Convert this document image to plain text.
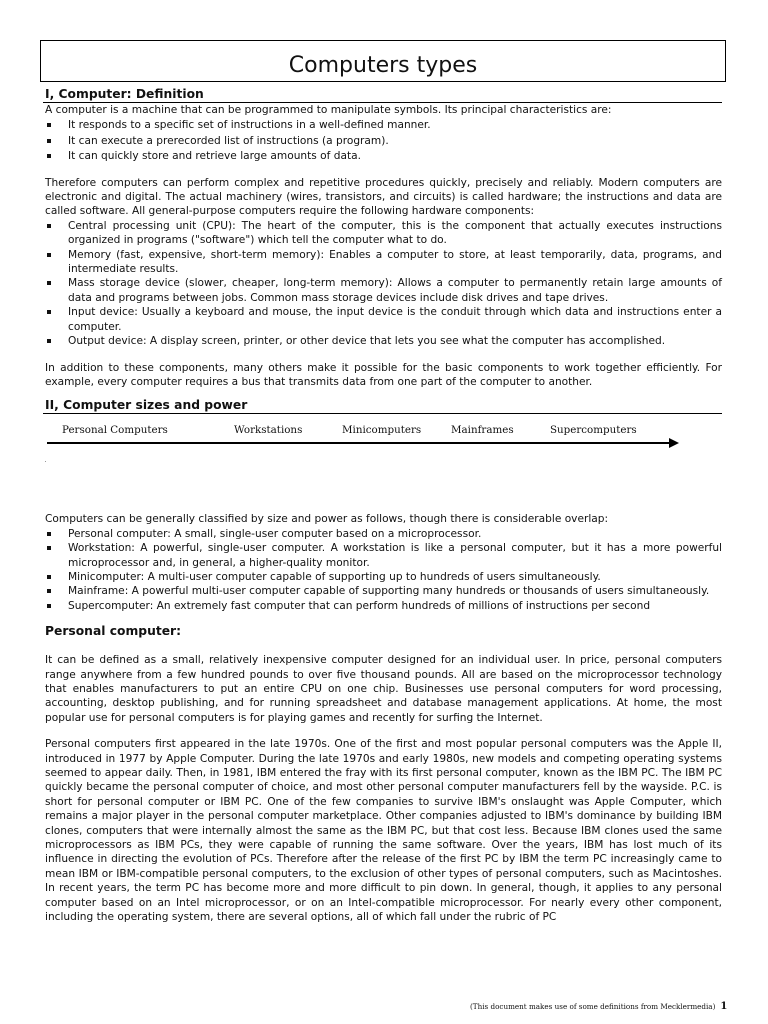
Computers types
I, Computer: Definition

A computer is a machine that can be programmed to manipulate symbols. Its principal characteristics are:

It responds to a specific set of instructions in a well-defined manner.
It can execute a prerecorded list of instructions (a program).
It can quickly store and retrieve large amounts of data.

Therefore computers can perform complex and repetitive procedures quickly, precisely and reliably. Modern computers are electronic and digital. The actual machinery (wires, transistors, and circuits) is called hardware; the instructions and data are called software. All general-purpose computers require the following hardware components:

Central processing unit (CPU): The heart of the computer, this is the component that actually executes instructions organized in programs ("software") which tell the computer what to do.
Memory (fast, expensive, short-term memory): Enables a computer to store, at least temporarily, data, programs, and intermediate results.
Mass storage device (slower, cheaper, long-term memory): Allows a computer to permanently retain large amounts of data and programs between jobs. Common mass storage devices include disk drives and tape drives.
Input device: Usually a keyboard and mouse, the input device is the conduit through which data and instructions enter a computer.
Output device: A display screen, printer, or other device that lets you see what the computer has accomplished.

In addition to these components, many others make it possible for the basic components to work together efficiently. For example, every computer requires a bus that transmits data from one part of the computer to another.

II, Computer sizes and power
Personal Computers	Workstations	Minicomputers	Mainframes	Supercomputers

Computers can be generally classified by size and power as follows, though there is considerable overlap:

Personal computer: A small, single-user computer based on a microprocessor.
Workstation: A powerful, single-user computer. A workstation is like a personal computer, but it has a more powerful microprocessor and, in general, a higher-quality monitor.
Minicomputer: A multi-user computer capable of supporting up to hundreds of users simultaneously.
Mainframe: A powerful multi-user computer capable of supporting many hundreds or thousands of users simultaneously.
Supercomputer: An extremely fast computer that can perform hundreds of millions of instructions per second
Personal computer:

It can be defined as a small, relatively inexpensive computer designed for an individual user. In price, personal computers range anywhere from a few hundred pounds to over five thousand pounds. All are based on the microprocessor technology that enables manufacturers to put an entire CPU on one chip. Businesses use personal computers for word processing, accounting, desktop publishing, and for running spreadsheet and database management applications. At home, the most popular use for personal computers is for playing games and recently for surfing the Internet.

Personal computers first appeared in the late 1970s. One of the first and most popular personal computers was the Apple II, introduced in 1977 by Apple Computer. During the late 1970s and early 1980s, new models and competing operating systems seemed to appear daily. Then, in 1981, IBM entered the fray with its first personal computer, known as the IBM PC. The IBM PC quickly became the personal computer of choice, and most other personal computer manufacturers fell by the wayside. P.C. is short for personal computer or IBM PC. One of the few companies to survive IBM's onslaught was Apple Computer, which remains a major player in the personal computer marketplace. Other companies adjusted to IBM's dominance by building IBM clones, computers that were internally almost the same as the IBM PC, but that cost less. Because IBM clones used the same microprocessors as IBM PCs, they were capable of running the same software. Over the years, IBM has lost much of its influence in directing the evolution of PCs. Therefore after the release of the first PC by IBM the term PC increasingly came to mean IBM or IBM-compatible personal computers, to the exclusion of other types of personal computers, such as Macintoshes. In recent years, the term PC has become more and more difficult to pin down. In general, though, it applies to any personal computer based on an Intel microprocessor, or on an Intel-compatible microprocessor. For nearly every other component, including the operating system, there are several options, all of which fall under the rubric of PC

(This document makes use of some definitions from Mecklermedia) 1
